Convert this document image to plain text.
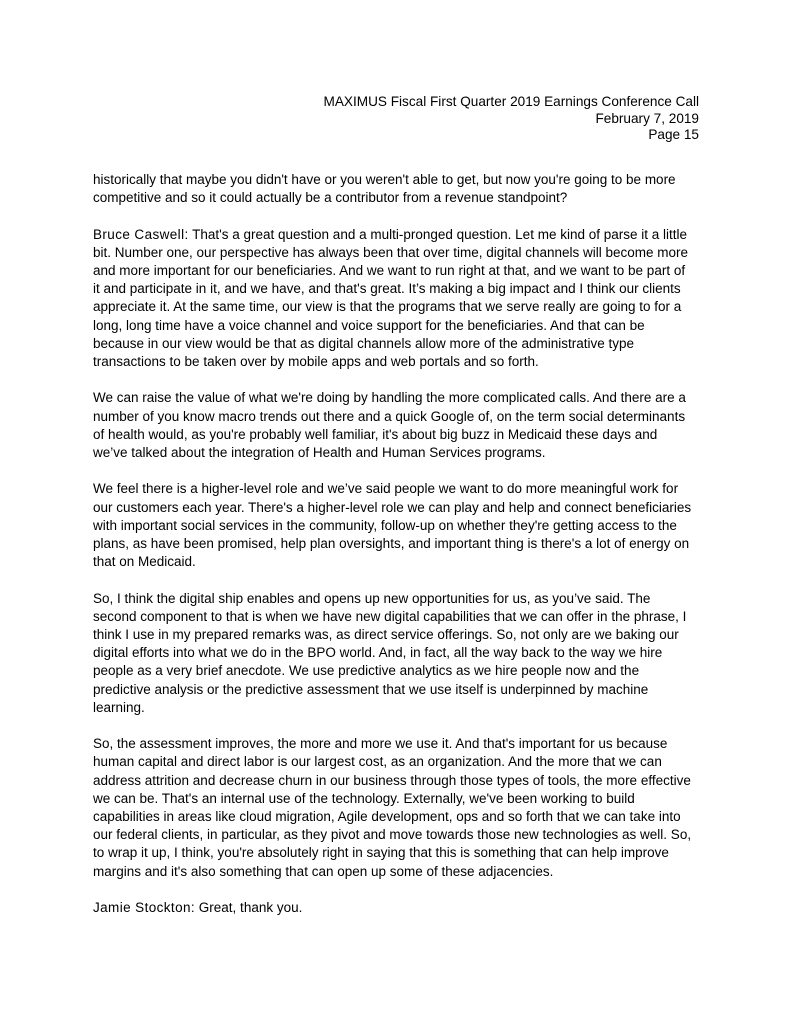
MAXIMUS Fiscal First Quarter 2019 Earnings Conference Call
February 7, 2019
Page 15
historically that maybe you didn't have or you weren't able to get, but now you're going to be more
competitive and so it could actually be a contributor from a revenue standpoint?
Bruce Caswell: That's a great question and a multi-pronged question. Let me kind of parse it a little
bit. Number one, our perspective has always been that over time, digital channels will become more
and more important for our beneficiaries. And we want to run right at that, and we want to be part of
it and participate in it, and we have, and that's great. It’s making a big impact and I think our clients
appreciate it. At the same time, our view is that the programs that we serve really are going to for a
long, long time have a voice channel and voice support for the beneficiaries. And that can be
because in our view would be that as digital channels allow more of the administrative type
transactions to be taken over by mobile apps and web portals and so forth.
We can raise the value of what we're doing by handling the more complicated calls. And there are a
number of you know macro trends out there and a quick Google of, on the term social determinants
of health would, as you're probably well familiar, it's about big buzz in Medicaid these days and
we’ve talked about the integration of Health and Human Services programs.
We feel there is a higher-level role and we’ve said people we want to do more meaningful work for
our customers each year. There's a higher-level role we can play and help and connect beneficiaries
with important social services in the community, follow-up on whether they're getting access to the
plans, as have been promised, help plan oversights, and important thing is there's a lot of energy on
that on Medicaid.
So, I think the digital ship enables and opens up new opportunities for us, as you’ve said. The
second component to that is when we have new digital capabilities that we can offer in the phrase, I
think I use in my prepared remarks was, as direct service offerings. So, not only are we baking our
digital efforts into what we do in the BPO world. And, in fact, all the way back to the way we hire
people as a very brief anecdote. We use predictive analytics as we hire people now and the
predictive analysis or the predictive assessment that we use itself is underpinned by machine
learning.
So, the assessment improves, the more and more we use it. And that's important for us because
human capital and direct labor is our largest cost, as an organization. And the more that we can
address attrition and decrease churn in our business through those types of tools, the more effective
we can be. That's an internal use of the technology. Externally, we've been working to build
capabilities in areas like cloud migration, Agile development, ops and so forth that we can take into
our federal clients, in particular, as they pivot and move towards those new technologies as well. So,
to wrap it up, I think, you're absolutely right in saying that this is something that can help improve
margins and it's also something that can open up some of these adjacencies.
Jamie Stockton: Great, thank you.
